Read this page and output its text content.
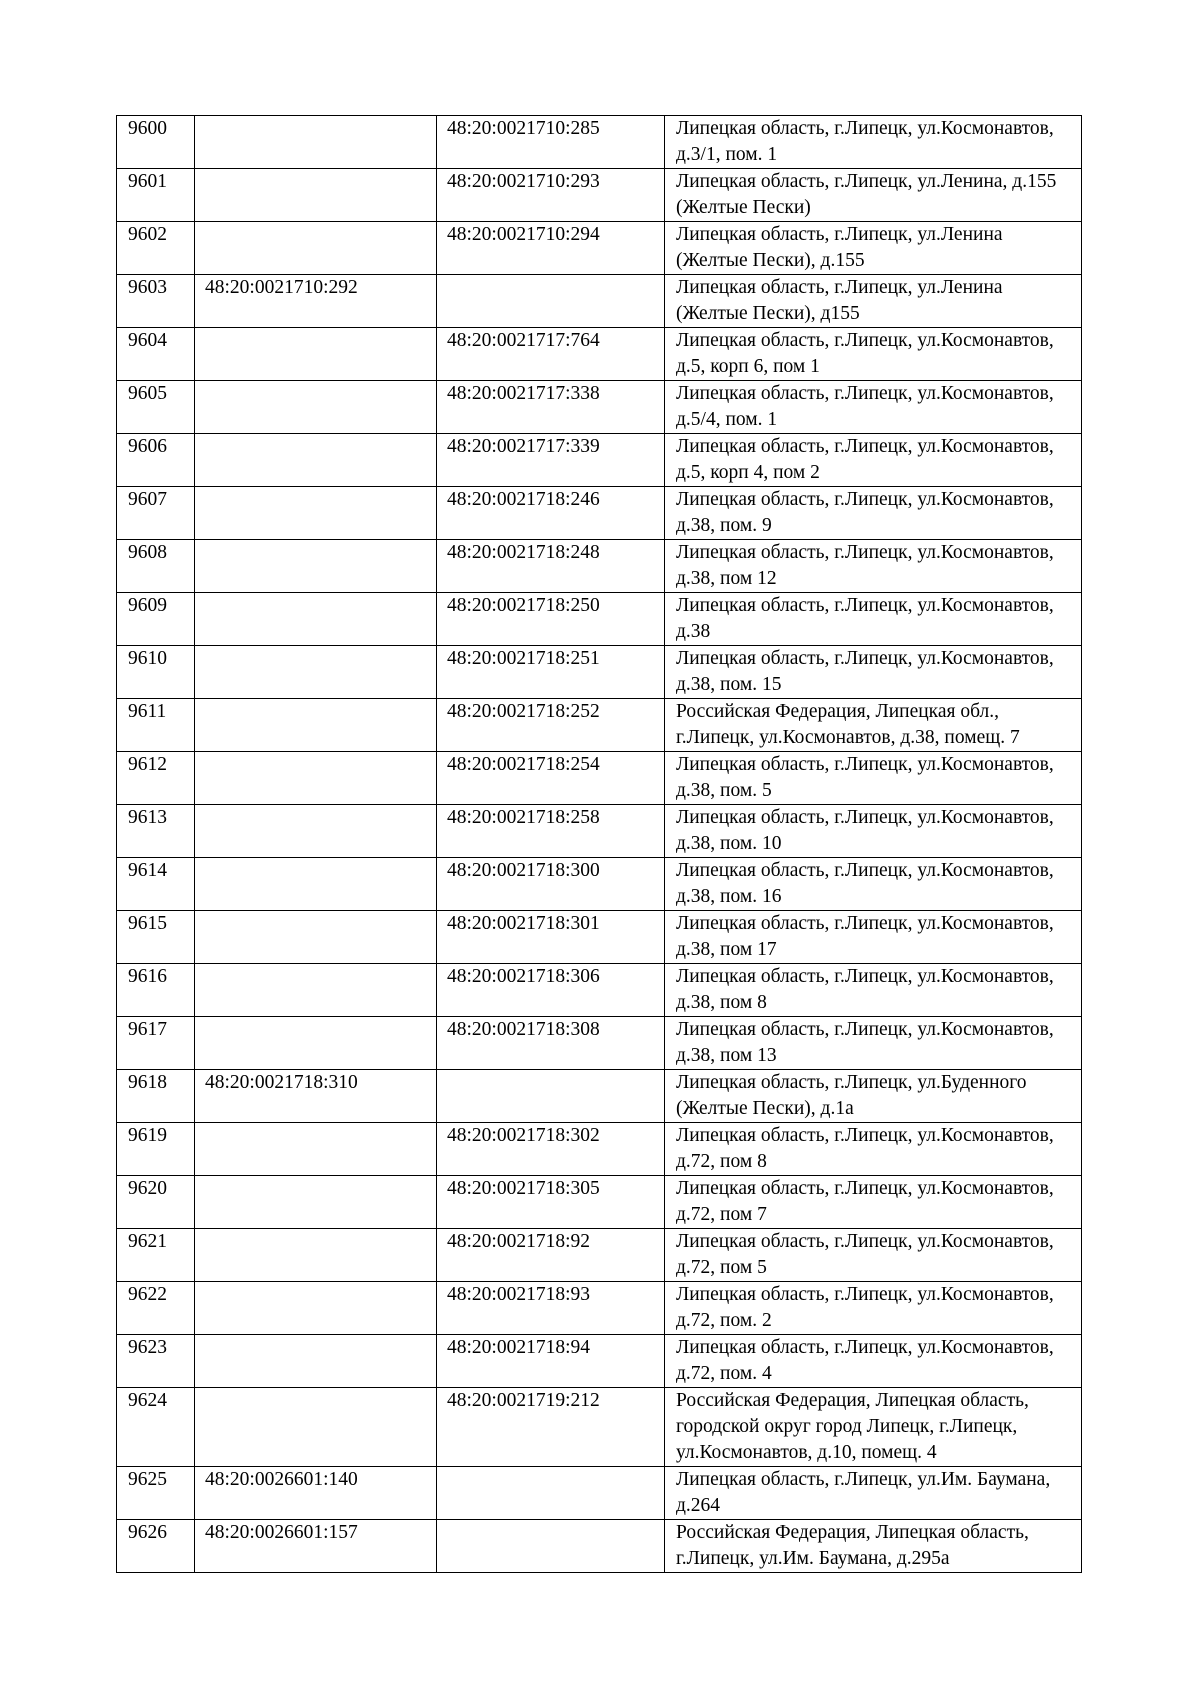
9600		48:20:0021710:285	Липецкая область, г.Липецк, ул.Космонавтов, д.3/1, пом. 1
9601		48:20:0021710:293	Липецкая область, г.Липецк, ул.Ленина, д.155 (Желтые Пески)
9602		48:20:0021710:294	Липецкая область, г.Липецк, ул.Ленина (Желтые Пески), д.155
9603	48:20:0021710:292		Липецкая область, г.Липецк, ул.Ленина (Желтые Пески), д155
9604		48:20:0021717:764	Липецкая область, г.Липецк, ул.Космонавтов, д.5, корп 6, пом 1
9605		48:20:0021717:338	Липецкая область, г.Липецк, ул.Космонавтов, д.5/4, пом. 1
9606		48:20:0021717:339	Липецкая область, г.Липецк, ул.Космонавтов, д.5, корп 4, пом 2
9607		48:20:0021718:246	Липецкая область, г.Липецк, ул.Космонавтов, д.38, пом. 9
9608		48:20:0021718:248	Липецкая область, г.Липецк, ул.Космонавтов, д.38, пом 12
9609		48:20:0021718:250	Липецкая область, г.Липецк, ул.Космонавтов, д.38
9610		48:20:0021718:251	Липецкая область, г.Липецк, ул.Космонавтов, д.38, пом. 15
9611		48:20:0021718:252	Российская Федерация, Липецкая обл., г.Липецк, ул.Космонавтов, д.38, помещ. 7
9612		48:20:0021718:254	Липецкая область, г.Липецк, ул.Космонавтов, д.38, пом. 5
9613		48:20:0021718:258	Липецкая область, г.Липецк, ул.Космонавтов, д.38, пом. 10
9614		48:20:0021718:300	Липецкая область, г.Липецк, ул.Космонавтов, д.38, пом. 16
9615		48:20:0021718:301	Липецкая область, г.Липецк, ул.Космонавтов, д.38, пом 17
9616		48:20:0021718:306	Липецкая область, г.Липецк, ул.Космонавтов, д.38, пом 8
9617		48:20:0021718:308	Липецкая область, г.Липецк, ул.Космонавтов, д.38, пом 13
9618	48:20:0021718:310		Липецкая область, г.Липецк, ул.Буденного (Желтые Пески), д.1а
9619		48:20:0021718:302	Липецкая область, г.Липецк, ул.Космонавтов, д.72, пом 8
9620		48:20:0021718:305	Липецкая область, г.Липецк, ул.Космонавтов, д.72, пом 7
9621		48:20:0021718:92	Липецкая область, г.Липецк, ул.Космонавтов, д.72, пом 5
9622		48:20:0021718:93	Липецкая область, г.Липецк, ул.Космонавтов, д.72, пом. 2
9623		48:20:0021718:94	Липецкая область, г.Липецк, ул.Космонавтов, д.72, пом. 4
9624		48:20:0021719:212	Российская Федерация, Липецкая область, городской округ город Липецк, г.Липецк, ул.Космонавтов, д.10, помещ. 4
9625	48:20:0026601:140		Липецкая область, г.Липецк, ул.Им. Баумана, д.264
9626	48:20:0026601:157		Российская Федерация, Липецкая область, г.Липецк, ул.Им. Баумана, д.295а
